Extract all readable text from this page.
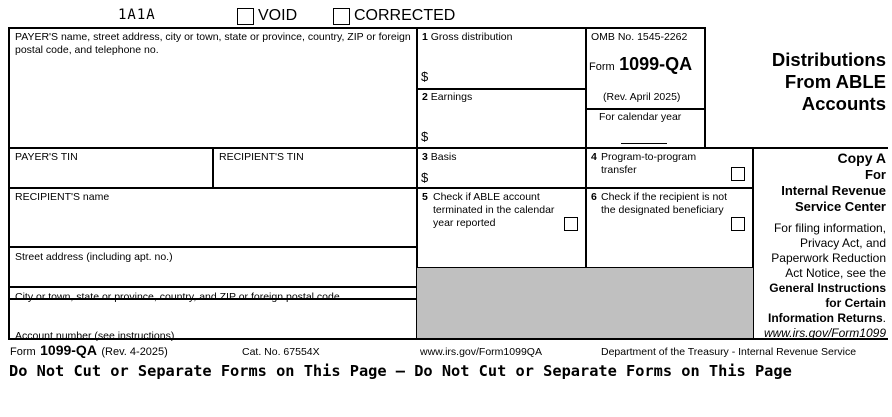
1A1A	VOID	CORRECTED
PAYER'S name, street address, city or town, state or province, country, ZIP or foreign postal code, and telephone no.
1 Gross distribution
$
2 Earnings
$
OMB No. 1545-2262
Form 1099-QA
(Rev. April 2025)
For calendar year
Distributions
From ABLE
Accounts
PAYER'S TIN	RECIPIENT'S TIN	3 Basis
$
4 Program-to-program transfer
RECIPIENT'S name	5 Check if ABLE account terminated in the calendar year reported
6 Check if the recipient is not the designated beneficiary
Street address (including apt. no.)
City or town, state or province, country, and ZIP or foreign postal code
Account number (see instructions)
Copy A
For
Internal Revenue
Service Center
For filing information,
Privacy Act, and
Paperwork Reduction
Act Notice, see the
General Instructions
for Certain
Information Returns.
www.irs.gov/Form1099
Form 1099-QA (Rev. 4-2025)	Cat. No. 67554X	www.irs.gov/Form1099QA	Department of the Treasury - Internal Revenue Service
Do Not Cut or Separate Forms on This Page — Do Not Cut or Separate Forms on This Page
